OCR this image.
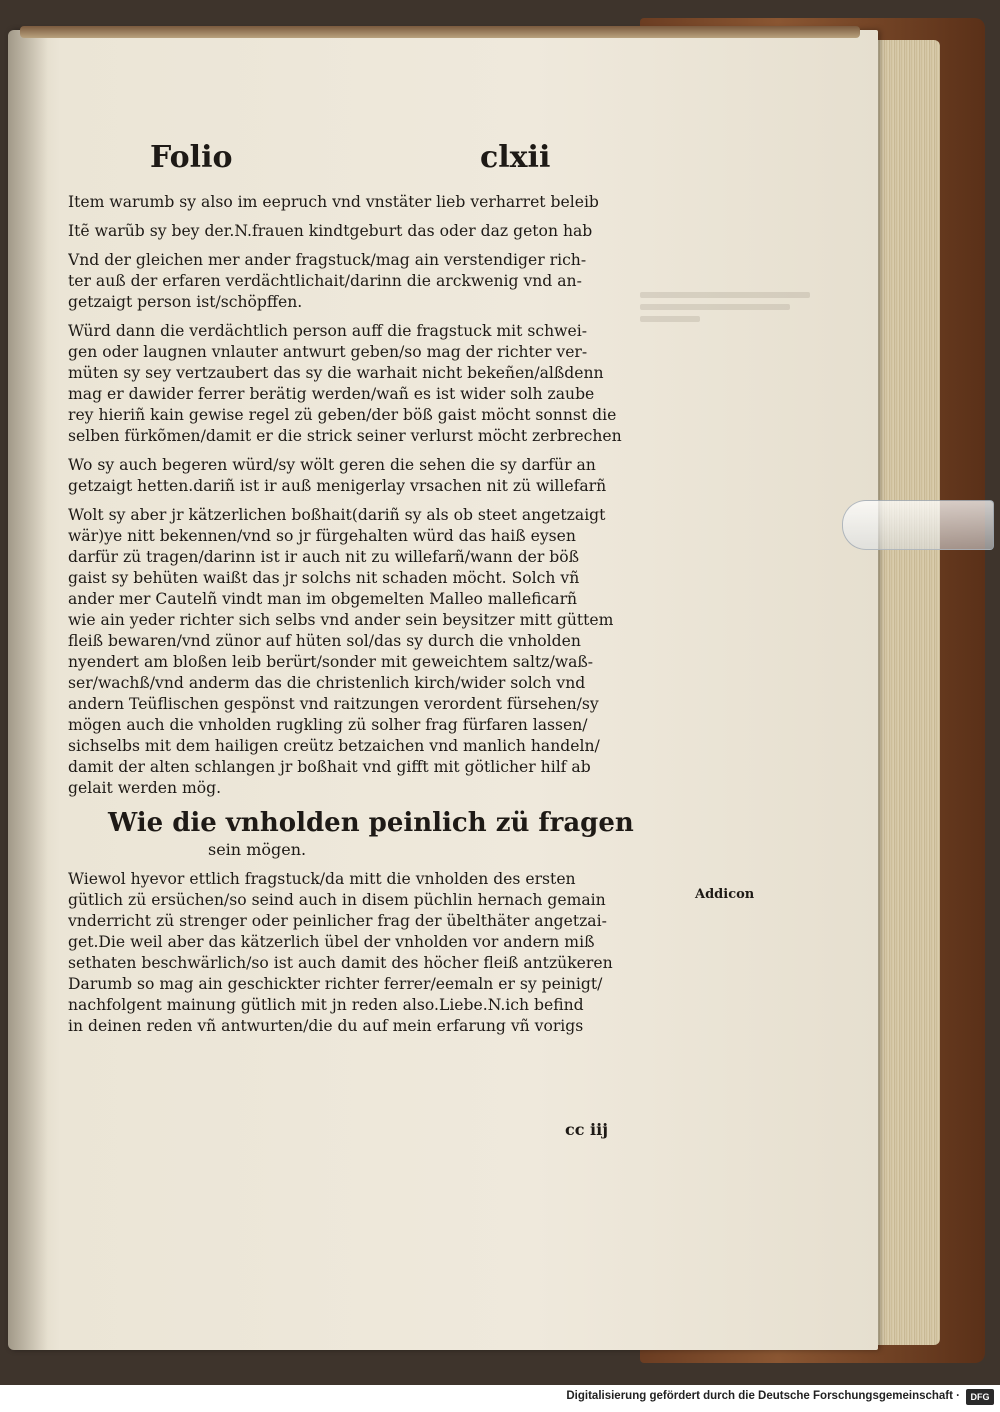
Folio	clxii
Item warumb sy also im eepruch vnd vnstäter lieb verharret beleib
Itẽ warũb sy bey der.N.frauen kindtgeburt das oder daz geton hab
Vnd der gleichen mer ander fragstuck/mag ain verstendiger rich-
ter auß der erfaren verdächtlichait/darinn die arckwenig vnd an-
getzaigt person ist/schöpffen.
Würd dann die verdächtlich person auff die fragstuck mit schwei-
gen oder laugnen vnlauter antwurt geben/so mag der richter ver-
müten sy sey vertzaubert das sy die warhait nicht bekeñen/alßdenn
mag er dawider ferrer berätig werden/wañ es ist wider solh zaube
rey hieriñ kain gewise regel zü geben/der böß gaist möcht sonnst die
selben fürkõmen/damit er die strick seiner verlurst möcht zerbrechen
Wo sy auch begeren würd/sy wölt geren die sehen die sy darfür an
getzaigt hetten.dariñ ist ir auß menigerlay vrsachen nit zü willefarñ
Wolt sy aber jr kätzerlichen boßhait(dariñ sy als ob steet angetzaigt
wär)ye nitt bekennen/vnd so jr fürgehalten würd das haiß eysen
darfür zü tragen/darinn ist ir auch nit zu willefarñ/wann der böß
gaist sy behüten waißt das jr solchs nit schaden möcht. Solch vñ
ander mer Cautelñ vindt man im obgemelten Malleo malleficarñ
wie ain yeder richter sich selbs vnd ander sein beysitzer mitt güttem
fleiß bewaren/vnd zünor auf hüten sol/das sy durch die vnholden
nyendert am bloßen leib berürt/sonder mit geweichtem saltz/waß-
ser/wachß/vnd anderm das die christenlich kirch/wider solch vnd
andern Teüflischen gespönst vnd raitzungen verordent fürsehen/sy
mögen auch die vnholden rugkling zü solher frag fürfaren lassen/
sichselbs mit dem hailigen creütz betzaichen vnd manlich handeln/
damit der alten schlangen jr boßhait vnd gifft mit götlicher hilf ab
gelait werden mög.
Wie die vnholden peinlich zü fragen
sein mögen.
Wiewol hyevor ettlich fragstuck/da mitt die vnholden des ersten
gütlich zü ersüchen/so seind auch in disem püchlin hernach gemain
vnderricht zü strenger oder peinlicher frag der übelthäter angetzai-
get.Die weil aber das kätzerlich übel der vnholden vor andern miß
sethaten beschwärlich/so ist auch damit des höcher fleiß antzükeren
Darumb so mag ain geschickter richter ferrer/eemaln er sy peinigt/
nachfolgent mainung gütlich mit jn reden also.Liebe.N.ich befind
in deinen reden vñ antwurten/die du auf mein erfarung vñ vorigs
cc iij
Addicon
Digitalisierung gefördert durch die Deutsche Forschungsgemeinschaft ·	DFG
